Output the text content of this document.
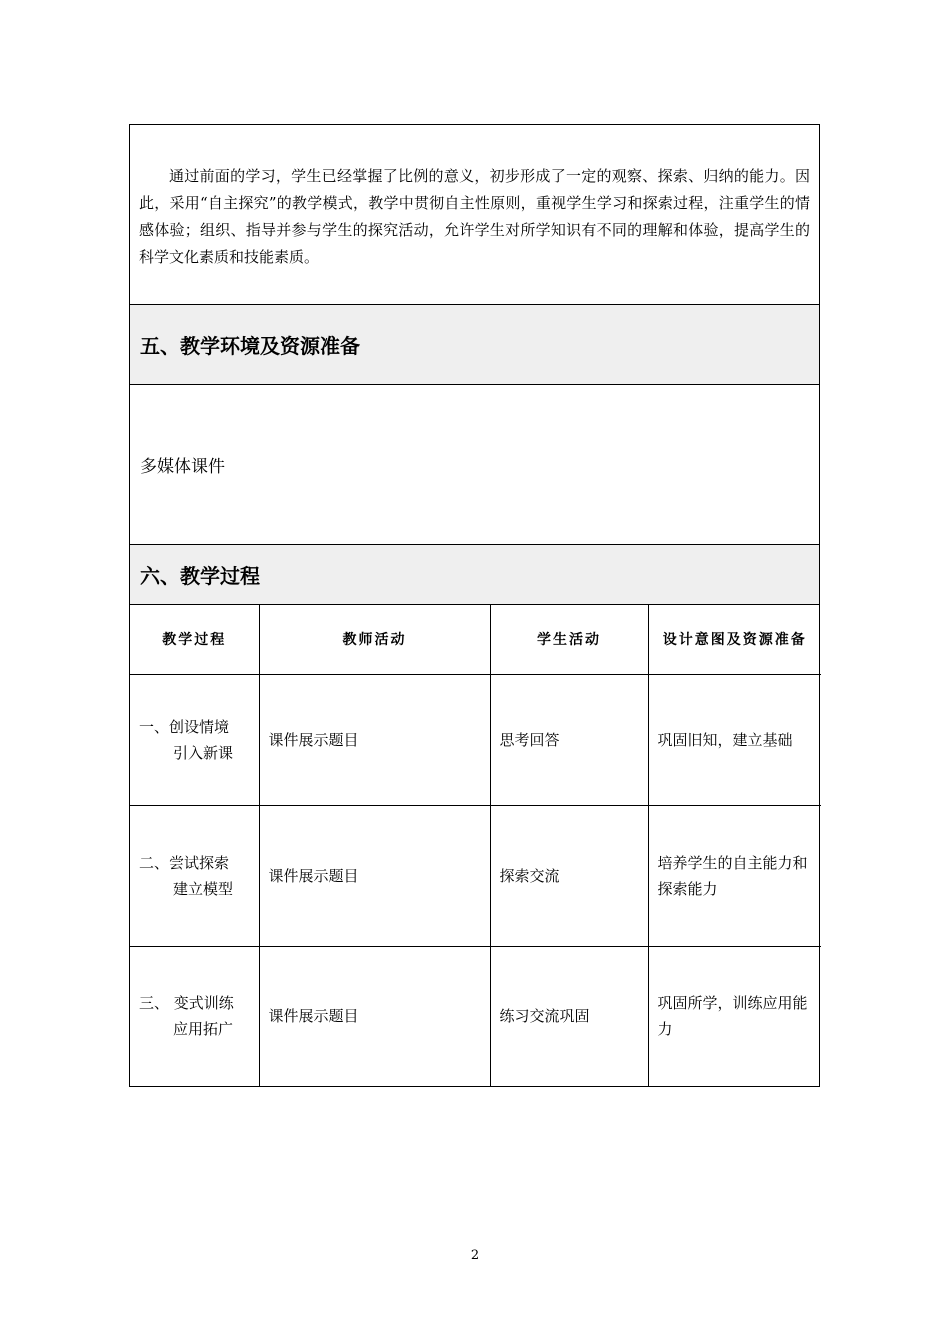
通过前面的学习，学生已经掌握了比例的意义，初步形成了一定的观察、探索、归纳的能力。因此，采用“自主探究”的教学模式，教学中贯彻自主性原则，重视学生学习和探索过程，注重学生的情感体验；组织、指导并参与学生的探究活动，允许学生对所学知识有不同的理解和体验，提高学生的科学文化素质和技能素质。

五、教学环境及资源准备
多媒体课件
六、教学过程
教学过程	教师活动	学生活动	设计意图及资源准备

一、创设情境
引入新课	课件展示题目	思考回答	巩固旧知，建立基础

二、尝试探索
建立模型	课件展示题目	探索交流	培养学生的自主能力和探索能力

三、 变式训练
应用拓广	课件展示题目	练习交流巩固	巩固所学，训练应用能力
2
